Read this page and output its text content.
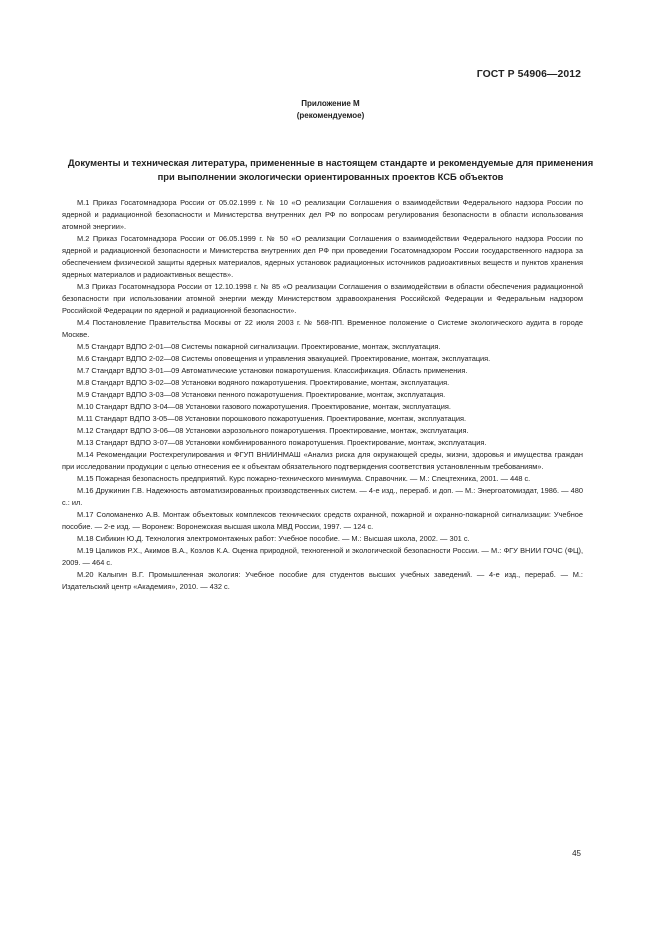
ГОСТ Р 54906—2012
Приложение М
(рекомендуемое)
Документы и техническая литература, примененные в настоящем стандарте и рекомендуемые для применения при выполнении экологически ориентированных проектов КСБ объектов

М.1 Приказ Госатомнадзора России от 05.02.1999 г. № 10 «О реализации Соглашения о взаимодействии Федерального надзора России по ядерной и радиационной безопасности и Министерства внутренних дел РФ по вопросам регулирования безопасности в области использования атомной энергии».

М.2 Приказ Госатомнадзора России от 06.05.1999 г. № 50 «О реализации Соглашения о взаимодействии Федерального надзора России по ядерной и радиационной безопасности и Министерства внутренних дел РФ при проведении Госатомнадзором России государственного надзора за обеспечением физической защиты ядерных материалов, ядерных установок радиационных источников радиоактивных веществ и пунктов хранения ядерных материалов и радиоактивных веществ».

М.3 Приказ Госатомнадзора России от 12.10.1998 г. № 85 «О реализации Соглашения о взаимодействии в области обеспечения радиационной безопасности при использовании атомной энергии между Министерством здравоохранения Российской Федерации и Федеральным надзором Российской Федерации по ядерной и радиационной безопасности».

М.4 Постановление Правительства Москвы от 22 июля 2003 г. № 568-ПП. Временное положение о Системе экологического аудита в городе Москве.

М.5 Стандарт ВДПО 2-01—08 Системы пожарной сигнализации. Проектирование, монтаж, эксплуатация.

М.6 Стандарт ВДПО 2-02—08 Системы оповещения и управления эвакуацией. Проектирование, монтаж, эксплуатация.

М.7 Стандарт ВДПО 3-01—09 Автоматические установки пожаротушения. Классификация. Область применения.

М.8 Стандарт ВДПО 3-02—08 Установки водяного пожаротушения. Проектирование, монтаж, эксплуатация.

М.9 Стандарт ВДПО 3-03—08 Установки пенного пожаротушения. Проектирование, монтаж, эксплуатация.

М.10 Стандарт ВДПО 3-04—08 Установки газового пожаротушения. Проектирование, монтаж, эксплуатация.

М.11 Стандарт ВДПО 3-05—08 Установки порошкового пожаротушения. Проектирование, монтаж, эксплуатация.

М.12 Стандарт ВДПО 3-06—08 Установки аэрозольного пожаротушения. Проектирование, монтаж, эксплуатация.

М.13 Стандарт ВДПО 3-07—08 Установки комбинированного пожаротушения. Проектирование, монтаж, эксплуатация.

М.14 Рекомендации Ростехрегулирования и ФГУП ВНИИНМАШ «Анализ риска для окружающей среды, жизни, здоровья и имущества граждан при исследовании продукции с целью отнесения ее к объектам обязательного подтверждения соответствия установленным требованиям».

М.15 Пожарная безопасность предприятий. Курс пожарно-технического минимума. Справочник. — М.: Спецтехника, 2001. — 448 с.

М.16 Дружинин Г.В. Надежность автоматизированных производственных систем. — 4-е изд., перераб. и доп. — М.: Энергоатомиздат, 1986. — 480 с.: ил.

М.17 Соломаненко А.В. Монтаж объектовых комплексов технических средств охранной, пожарной и охранно-пожарной сигнализации: Учебное пособие. — 2-е изд. — Воронеж: Воронежская высшая школа МВД России, 1997. — 124 с.

М.18 Сибикин Ю.Д. Технология электромонтажных работ: Учебное пособие. — М.: Высшая школа, 2002. — 301 с.

М.19 Цаликов Р.Х., Акимов В.А., Козлов К.А. Оценка природной, техногенной и экологической безопасности России. — М.: ФГУ ВНИИ ГОЧС (ФЦ), 2009. — 464 с.

М.20 Калыгин В.Г. Промышленная экология: Учебное пособие для студентов высших учебных заведений. — 4-е изд., перераб. — М.: Издательский центр «Академия», 2010. — 432 с.

45
